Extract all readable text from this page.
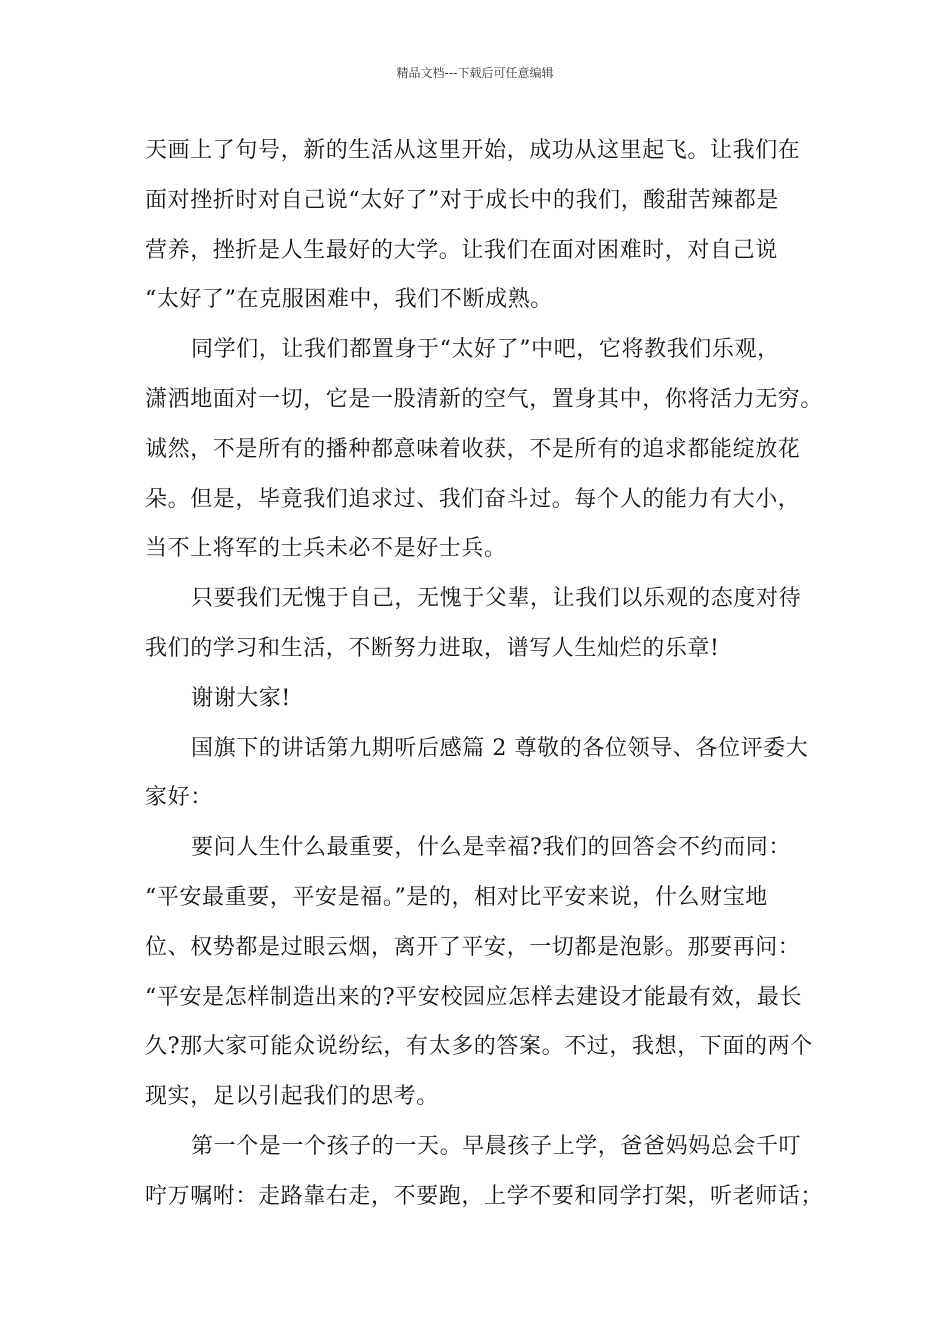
精品文档---下载后可任意编辑
天画上了句号，新的生活从这里开始，成功从这里起飞。让我们在
面对挫折时对自己说“太好了”对于成长中的我们，酸甜苦辣都是
营养，挫折是人生最好的大学。让我们在面对困难时，对自己说
“太好了”在克服困难中，我们不断成熟。
同学们，让我们都置身于“太好了”中吧，它将教我们乐观，
潇洒地面对一切，它是一股清新的空气，置身其中，你将活力无穷。
诚然，不是所有的播种都意味着收获，不是所有的追求都能绽放花
朵。但是，毕竟我们追求过、我们奋斗过。每个人的能力有大小，
当不上将军的士兵未必不是好士兵。
只要我们无愧于自己，无愧于父辈，让我们以乐观的态度对待
我们的学习和生活，不断努力进取，谱写人生灿烂的乐章!
谢谢大家!
国旗下的讲话第九期听后感篇 2 尊敬的各位领导、各位评委大
家好：
要问人生什么最重要，什么是幸福?我们的回答会不约而同：
“平安最重要，平安是福。”是的，相对比平安来说，什么财宝地
位、权势都是过眼云烟，离开了平安，一切都是泡影。那要再问：
“平安是怎样制造出来的?平安校园应怎样去建设才能最有效，最长
久?那大家可能众说纷纭，有太多的答案。不过，我想，下面的两个
现实，足以引起我们的思考。
第一个是一个孩子的一天。早晨孩子上学，爸爸妈妈总会千叮
咛万嘱咐：走路靠右走，不要跑，上学不要和同学打架，听老师话；
